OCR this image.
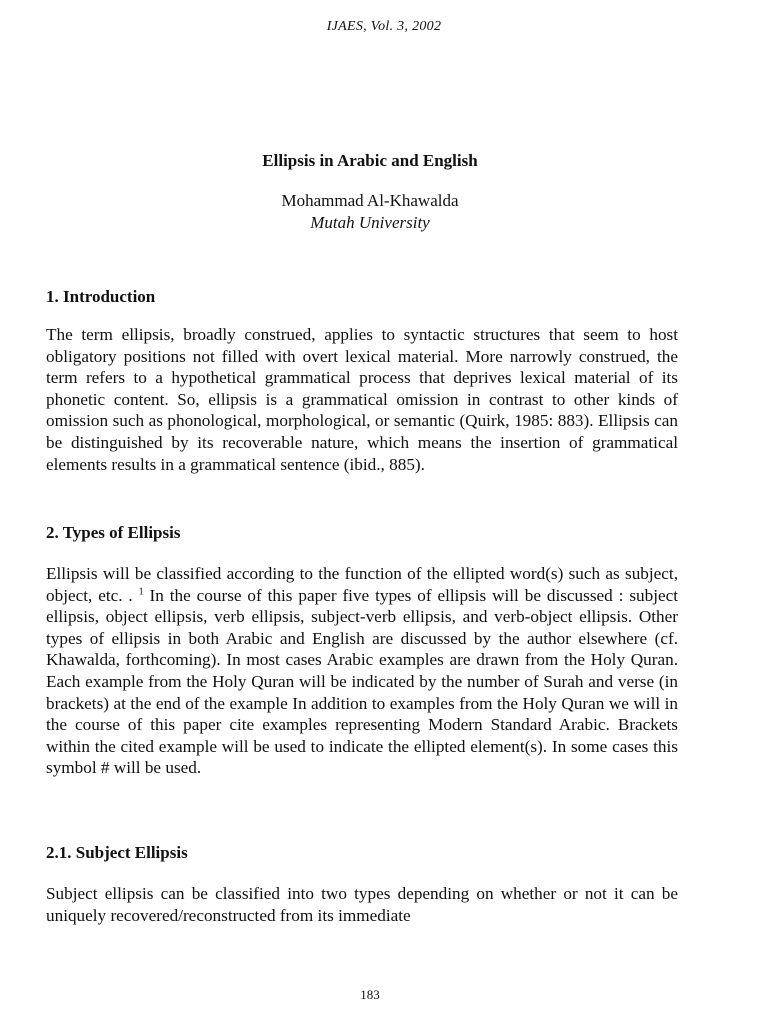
IJAES, Vol. 3, 2002
Ellipsis in Arabic and English
Mohammad Al-Khawalda
Mutah University
1. Introduction

The term ellipsis, broadly construed, applies to syntactic structures that seem to host obligatory positions not filled with overt lexical material. More narrowly construed, the term refers to a hypothetical grammatical process that deprives lexical material of its phonetic content. So, ellipsis is a grammatical omission in contrast to other kinds of omission such as phonological, morphological, or semantic (Quirk, 1985: 883). Ellipsis can be distinguished by its recoverable nature, which means the insertion of grammatical elements results in a grammatical sentence (ibid., 885).

2. Types of Ellipsis

Ellipsis will be classified according to the function of the ellipted word(s) such as subject, object, etc. . $^1$ In the course of this paper five types of ellipsis will be discussed : subject ellipsis, object ellipsis, verb ellipsis, subject-verb ellipsis, and verb-object ellipsis. Other types of ellipsis in both Arabic and English are discussed by the author elsewhere (cf. Khawalda, forthcoming). In most cases Arabic examples are drawn from the Holy Quran. Each example from the Holy Quran will be indicated by the number of Surah and verse (in brackets) at the end of the example In addition to examples from the Holy Quran we will in the course of this paper cite examples representing Modern Standard Arabic. Brackets within the cited example will be used to indicate the ellipted element(s). In some cases this symbol # will be used.

2.1. Subject Ellipsis

Subject ellipsis can be classified into two types depending on whether or not it can be uniquely recovered/reconstructed from its immediate

183
